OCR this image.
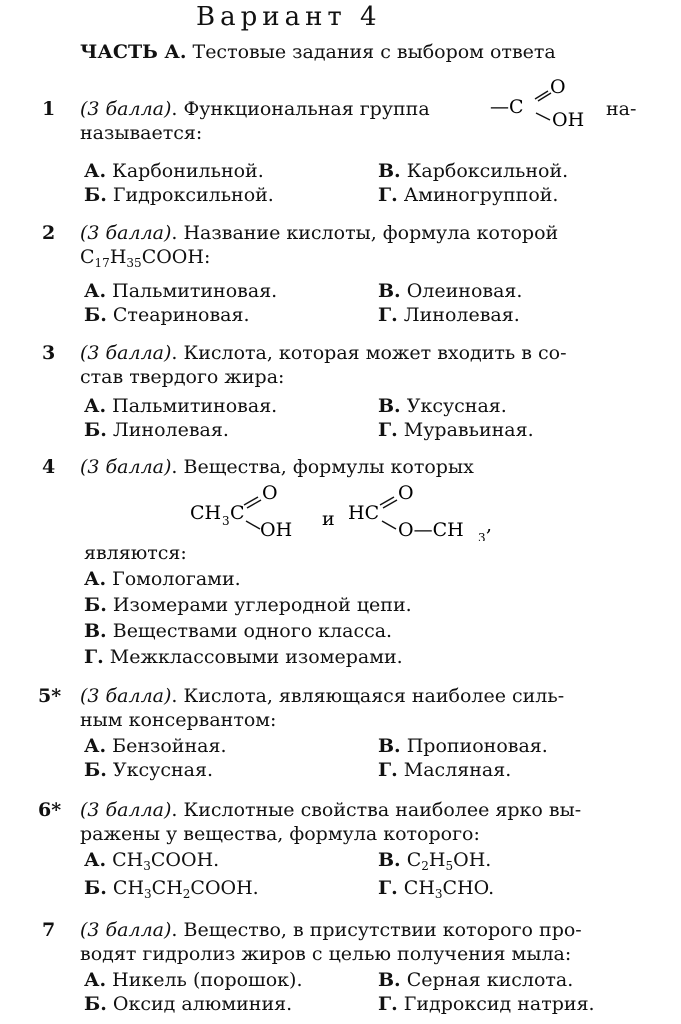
Вариант 4
ЧАСТЬ А. Тестовые задания с выбором ответа
1 (3 балла). Функциональная группа
называется:
—C
O
OH на-
А. Карбонильной.	В. Карбоксильной.
Б. Гидроксильной.	Г. Аминогруппой.
2 (3 балла). Название кислоты, формула которой
$C_{17}H_{35}COOH$:
А. Пальмитиновая.	В. Олеиновая.
Б. Стеариновая.	Г. Линолевая.
3 (3 балла). Кислота, которая может входить в со-
став твердого жира:
А. Пальмитиновая.	В. Уксусная.
Б. Линолевая.	Г. Муравьиная.
4 (3 балла). Вещества, формулы которых
CH 3 C
O
OH и HC
O
O—CH 3
,
являются:
А. Гомологами.
Б. Изомерами углеродной цепи.
В. Веществами одного класса.
Г. Межклассовыми изомерами.
5* (3 балла). Кислота, являющаяся наиболее силь-
ным консервантом:
А. Бензойная.	В. Пропионовая.
Б. Уксусная.	Г. Масляная.
6* (3 балла). Кислотные свойства наиболее ярко вы-
ражены у вещества, формула которого:
А. $CH_3COOH$.	В. $C_2H_5OH$.
Б. $CH_3CH_2COOH$.	Г. $CH_3CHO$.
7 (3 балла). Вещество, в присутствии которого про-
водят гидролиз жиров с целью получения мыла:
А. Никель (порошок).	В. Серная кислота.
Б. Оксид алюминия.	Г. Гидроксид натрия.
